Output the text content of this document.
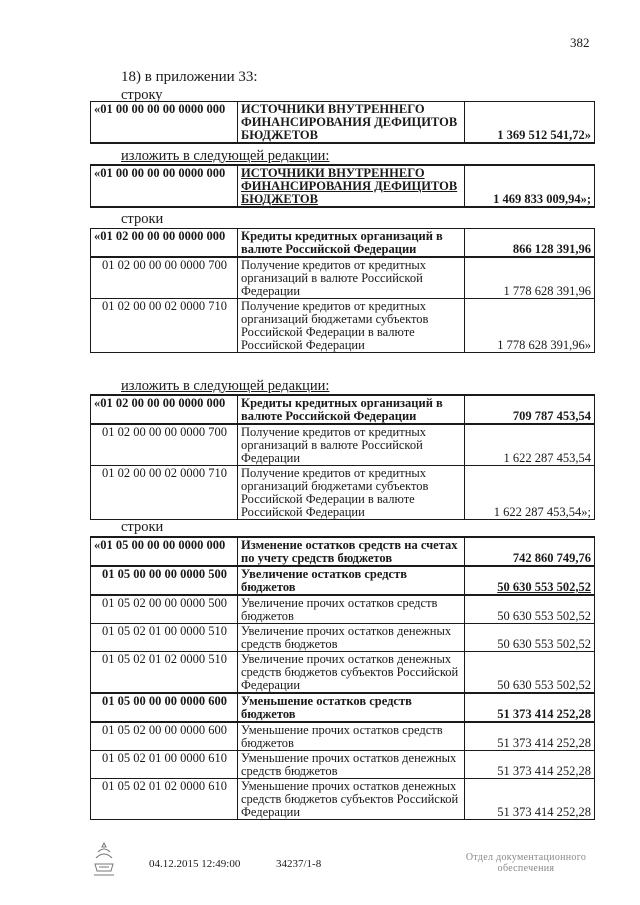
382
18) в приложении 33:
строку
«01 00 00 00 00 0000 000	ИСТОЧНИКИ ВНУТРЕННЕГО ФИНАНСИРОВАНИЯ ДЕФИЦИТОВ БЮДЖЕТОВ	1 369 512 541,72»
изложить в следующей редакции:
«01 00 00 00 00 0000 000	ИСТОЧНИКИ ВНУТРЕННЕГО ФИНАНСИРОВАНИЯ ДЕФИЦИТОВ БЮДЖЕТОВ	1 469 833 009,94»;
строки
«01 02 00 00 00 0000 000	Кредиты кредитных организаций в валюте Российской Федерации	866 128 391,96
01 02 00 00 00 0000 700	Получение кредитов от кредитных организаций в валюте Российской Федерации	1 778 628 391,96
01 02 00 00 02 0000 710	Получение кредитов от кредитных организаций бюджетами субъектов Российской Федерации в валюте Российской Федерации	1 778 628 391,96»
изложить в следующей редакции:
«01 02 00 00 00 0000 000	Кредиты кредитных организаций в валюте Российской Федерации	709 787 453,54
01 02 00 00 00 0000 700	Получение кредитов от кредитных организаций в валюте Российской Федерации	1 622 287 453,54
01 02 00 00 02 0000 710	Получение кредитов от кредитных организаций бюджетами субъектов Российской Федерации в валюте Российской Федерации	1 622 287 453,54»;
строки
«01 05 00 00 00 0000 000	Изменение остатков средств на счетах по учету средств бюджетов	742 860 749,76
01 05 00 00 00 0000 500	Увеличение остатков средств бюджетов	50 630 553 502,52
01 05 02 00 00 0000 500	Увеличение прочих остатков средств бюджетов	50 630 553 502,52
01 05 02 01 00 0000 510	Увеличение прочих остатков денежных средств бюджетов	50 630 553 502,52
01 05 02 01 02 0000 510	Увеличение прочих остатков денежных средств бюджетов субъектов Российской Федерации	50 630 553 502,52
01 05 00 00 00 0000 600	Уменьшение остатков средств бюджетов	51 373 414 252,28
01 05 02 00 00 0000 600	Уменьшение прочих остатков средств бюджетов	51 373 414 252,28
01 05 02 01 00 0000 610	Уменьшение прочих остатков денежных средств бюджетов	51 373 414 252,28
01 05 02 01 02 0000 610	Уменьшение прочих остатков денежных средств бюджетов субъектов Российской Федерации	51 373 414 252,28
04.12.2015 12:49:00	34237/1-8
Отдел документационного
обеспечения
